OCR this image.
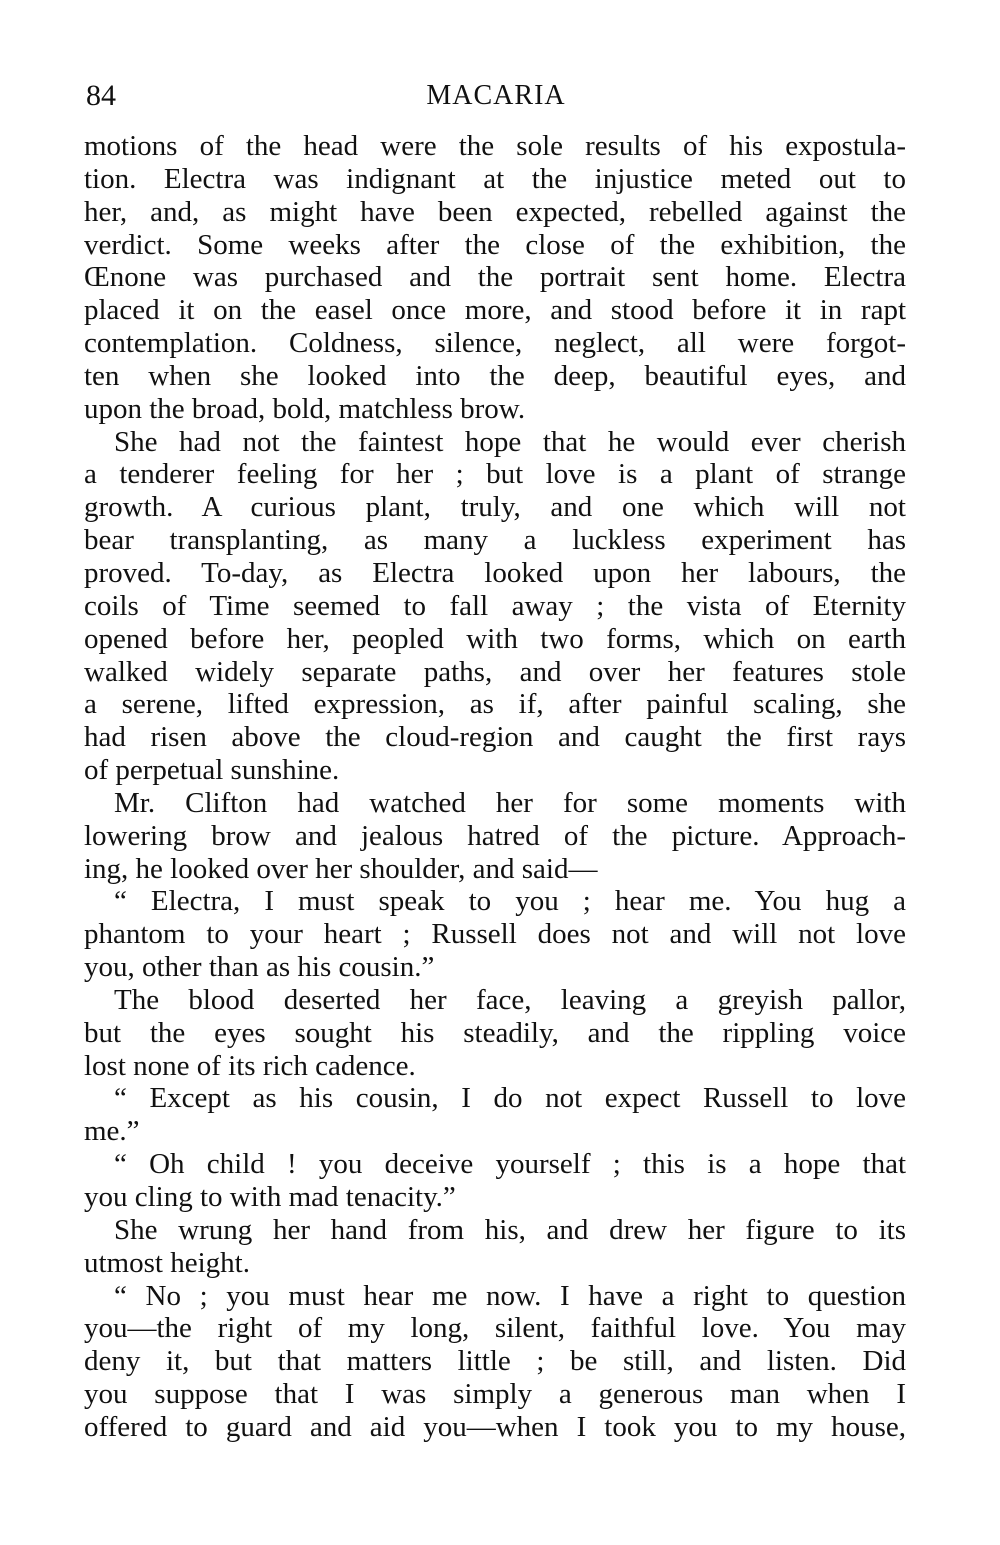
84	MACARIA
motions of the head were the sole results of his expostula-
tion. Electra was indignant at the injustice meted out to
her, and, as might have been expected, rebelled against the
verdict. Some weeks after the close of the exhibition, the
Œnone was purchased and the portrait sent home. Electra
placed it on the easel once more, and stood before it in rapt
contemplation. Coldness, silence, neglect, all were forgot-
ten when she looked into the deep, beautiful eyes, and
upon the broad, bold, matchless brow.
She had not the faintest hope that he would ever cherish
a tenderer feeling for her ; but love is a plant of strange
growth. A curious plant, truly, and one which will not
bear transplanting, as many a luckless experiment has
proved. To-day, as Electra looked upon her labours, the
coils of Time seemed to fall away ; the vista of Eternity
opened before her, peopled with two forms, which on earth
walked widely separate paths, and over her features stole
a serene, lifted expression, as if, after painful scaling, she
had risen above the cloud-region and caught the first rays
of perpetual sunshine.
Mr. Clifton had watched her for some moments with
lowering brow and jealous hatred of the picture. Approach-
ing, he looked over her shoulder, and said—
“ Electra, I must speak to you ; hear me. You hug a
phantom to your heart ; Russell does not and will not love
you, other than as his cousin.”
The blood deserted her face, leaving a greyish pallor,
but the eyes sought his steadily, and the rippling voice
lost none of its rich cadence.
“ Except as his cousin, I do not expect Russell to love
me.”
“ Oh child ! you deceive yourself ; this is a hope that
you cling to with mad tenacity.”
She wrung her hand from his, and drew her figure to its
utmost height.
“ No ; you must hear me now. I have a right to question
you—the right of my long, silent, faithful love. You may
deny it, but that matters little ; be still, and listen. Did
you suppose that I was simply a generous man when I
offered to guard and aid you—when I took you to my house,
